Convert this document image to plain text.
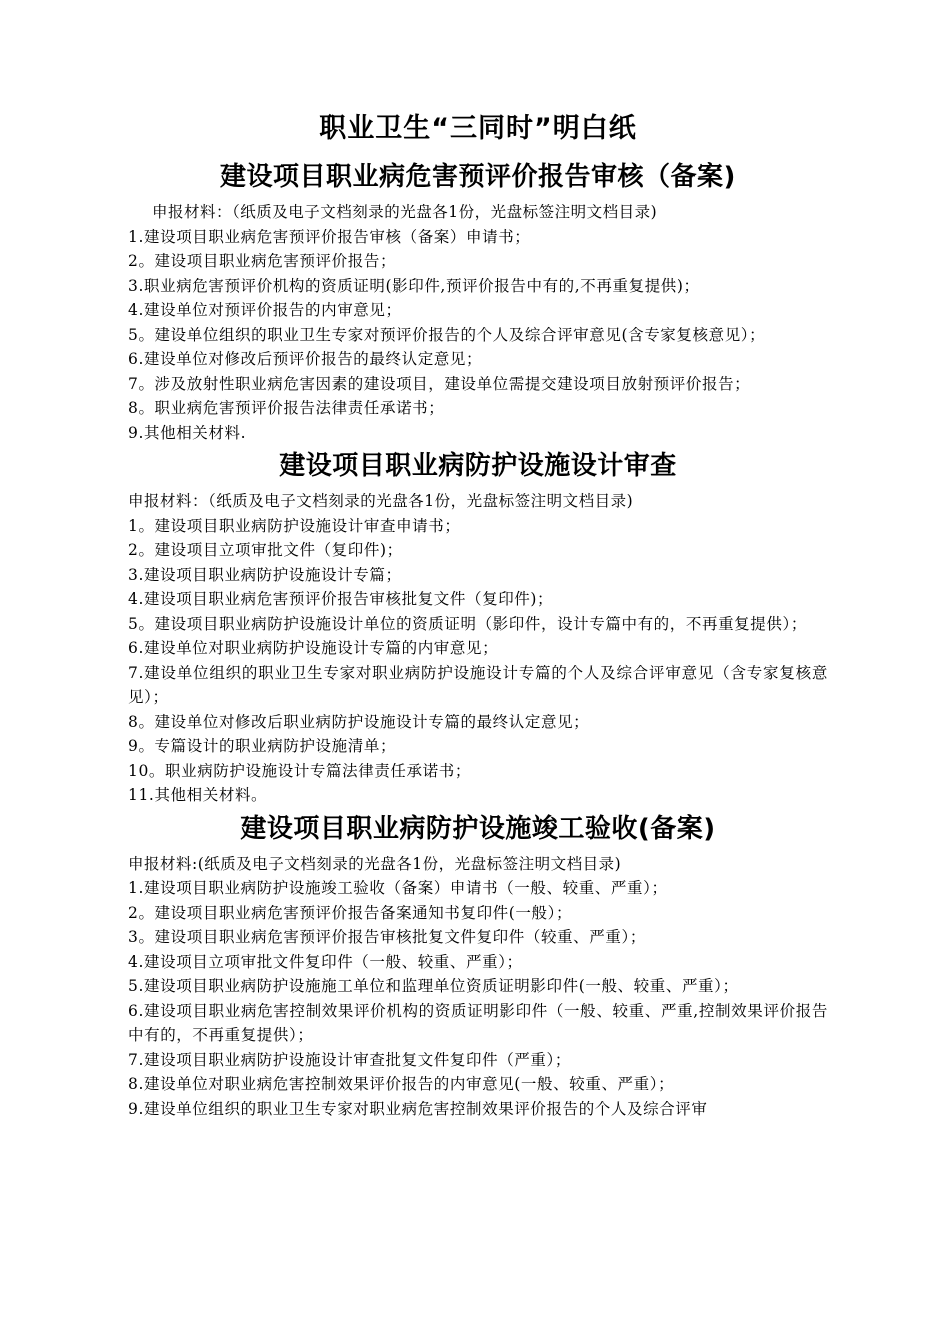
职业卫生“三同时”明白纸
建设项目职业病危害预评价报告审核（备案)
申报材料：（纸质及电子文档刻录的光盘各1份，光盘标签注明文档目录)
1.建设项目职业病危害预评价报告审核（备案）申请书；
2。建设项目职业病危害预评价报告；
3.职业病危害预评价机构的资质证明(影印件,预评价报告中有的,不再重复提供)；
4.建设单位对预评价报告的内审意见；
5。建设单位组织的职业卫生专家对预评价报告的个人及综合评审意见(含专家复核意见）；
6.建设单位对修改后预评价报告的最终认定意见；
7。涉及放射性职业病危害因素的建设项目，建设单位需提交建设项目放射预评价报告；
8。职业病危害预评价报告法律责任承诺书；
9.其他相关材料.
建设项目职业病防护设施设计审查
申报材料：（纸质及电子文档刻录的光盘各1份，光盘标签注明文档目录)
1。建设项目职业病防护设施设计审查申请书；
2。建设项目立项审批文件（复印件)；
3.建设项目职业病防护设施设计专篇；
4.建设项目职业病危害预评价报告审核批复文件（复印件)；
5。建设项目职业病防护设施设计单位的资质证明（影印件，设计专篇中有的，不再重复提供）；
6.建设单位对职业病防护设施设计专篇的内审意见；
7.建设单位组织的职业卫生专家对职业病防护设施设计专篇的个人及综合评审意见（含专家复核意见）；
8。建设单位对修改后职业病防护设施设计专篇的最终认定意见；
9。专篇设计的职业病防护设施清单；
10。职业病防护设施设计专篇法律责任承诺书；
11.其他相关材料。
建设项目职业病防护设施竣工验收(备案)
申报材料:(纸质及电子文档刻录的光盘各1份，光盘标签注明文档目录)
1.建设项目职业病防护设施竣工验收（备案）申请书（一般、较重、严重）；
2。建设项目职业病危害预评价报告备案通知书复印件(一般）；
3。建设项目职业病危害预评价报告审核批复文件复印件（较重、严重）；
4.建设项目立项审批文件复印件（一般、较重、严重）；
5.建设项目职业病防护设施施工单位和监理单位资质证明影印件(一般、较重、严重）；
6.建设项目职业病危害控制效果评价机构的资质证明影印件（一般、较重、严重,控制效果评价报告中有的，不再重复提供）；
7.建设项目职业病防护设施设计审查批复文件复印件（严重）；
8.建设单位对职业病危害控制效果评价报告的内审意见(一般、较重、严重）；
9.建设单位组织的职业卫生专家对职业病危害控制效果评价报告的个人及综合评审
